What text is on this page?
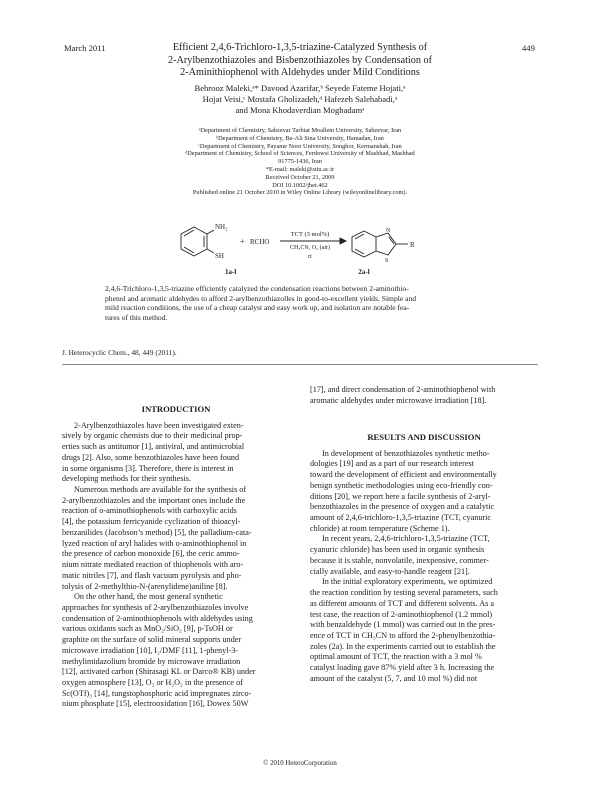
March 2011	449
Efficient 2,4,6-Trichloro-1,3,5-triazine-Catalyzed Synthesis of
2-Arylbenzothiazoles and Bisbenzothiazoles by Condensation of
2-Aminithiophenol with Aldehydes under Mild Conditions
Behrooz Maleki,ᵃ* Davood Azarifar,ᵇ Seyede Fateme Hojati,ᵃ
Hojat Veisi,ᶜ Mostafa Gholizadeh,ᵈ Hafezeh Salehabadi,ᵃ
and Mona Khodaverdian Moghadamᵃ
ᵃDepartment of Chemistry, Sabzevar Tarbiat Moallem University, Sabzevar, Iran
ᵇDepartment of Chemistry, Bu-Ali Sina University, Hamadan, Iran
ᶜDepartment of Chemistry, Payame Noor University, Songhor, Kermanshah, Iran
ᵈDepartment of Chemistry, School of Sciences, Ferdowsi University of Mashhad, Mashhad
91775-1436, Iran
*E-mail: maleki@sttu.ac.ir
Received October 21, 2009
DOI 10.1002/jhet.462
Published online 21 October 2010 in Wiley Online Library (wileyonlinelibrary.com).
NH₂
SH
+ RCHO
TCT (3 mol%)
CH₃CN, O₂ (air)
rt
N
S
R
1a-l	2a-l
2,4,6-Trichloro-1,3,5-triazine efficiently catalyzed the condensation reactions between 2-aminothio-
phenol and aromatic aldehydes to afford 2-arylbenzothiazolles in good-to-excellent yields. Simple and
mild reaction conditions, the use of a cheap catalyst and easy work up, and isolation are notable fea-
tures of this method.
J. Heterocyclic Chem., 48, 449 (2011).
INTRODUCTION
2-Arylbenzothiazoles have been investigated exten-
sively by organic chemists due to their medicinal prop-
erties such as antitumor [1], antiviral, and antimicrobial
drugs [2]. Also, some benzothiazoles have been found
in some organisms [3]. Therefore, there is interest in
developing methods for their synthesis.
Numerous methods are available for the synthesis of
2-arylbenzothiazoles and the important ones include the
reaction of o-aminothiophenols with carboxylic acids
[4], the potassium ferricyanide cyclization of thioacyl-
benzanilides (Jacobson’s method) [5], the palladium-cata-
lyzed reaction of aryl halides with o-aminothiophenol in
the presence of carbon monoxide [6], the ceric ammo-
nium nitrate mediated reaction of thiophenols with aro-
matic nitriles [7], and flash vacuum pyrolysis and pho-
tolysis of 2-methylthio-N-(arenylidene)aniline [8].
On the other hand, the most general synthetic
approaches for synthesis of 2-arylbenzothiazoles involve
condensation of 2-aminothiophenols with aldehydes using
various oxidants such as MnO₂/SiO₂ [9], p-TsOH or
graphite on the surface of solid mineral supports under
microwave irradiation [10], I₂/DMF [11], 1-phenyl-3-
methylimidazolium bromide by microwave irradiation
[12], activated carbon (Shirasagi KL or Darco® KB) under
oxygen atmosphere [13], O₂ or H₂O₂ in the presence of
Sc(OTf)₃ [14], tungstophosphoric acid impregnates zirco-
nium phosphate [15], electrooxidation [16], Dowex 50W
[17], and direct condensation of 2-aminothiophenol with
aromatic aldehydes under microwave irradiation [18].
RESULTS AND DISCUSSION
In development of benzothiazoles synthetic metho-
dologies [19] and as a part of our research interest
toward the development of efficient and environmentally
benign synthetic methodologies using eco-friendly con-
ditions [20], we report here a facile synthesis of 2-aryl-
benzothiazoles in the presence of oxygen and a catalytic
amount of 2,4,6-trichloro-1,3,5-triazine (TCT, cyanuric
chloride) at room temperature (Scheme 1).
In recent years, 2,4,6-trichloro-1,3,5-triazine (TCT,
cyanuric chloride) has been used in organic synthesis
because it is stable, nonvolatile, inexpensive, commer-
cially available, and easy-to-handle reagent [21].
In the initial exploratory experiments, we optimized
the reaction condition by testing several parameters, such
as different amounts of TCT and different solvents. As a
test case, the reaction of 2-aminothiophenol (1.2 mmol)
with benzaldehyde (1 mmol) was carried out in the pres-
ence of TCT in CH₃CN to afford the 2-phenylbenzothia-
zoles (2a). In the experiments carried out to establish the
optimal amount of TCT, the reaction with a 3 mol %
catalyst loading gave 87% yield after 3 h. Increasing the
amount of the catalyst (5, 7, and 10 mol %) did not
© 2010 HeteroCorporation
